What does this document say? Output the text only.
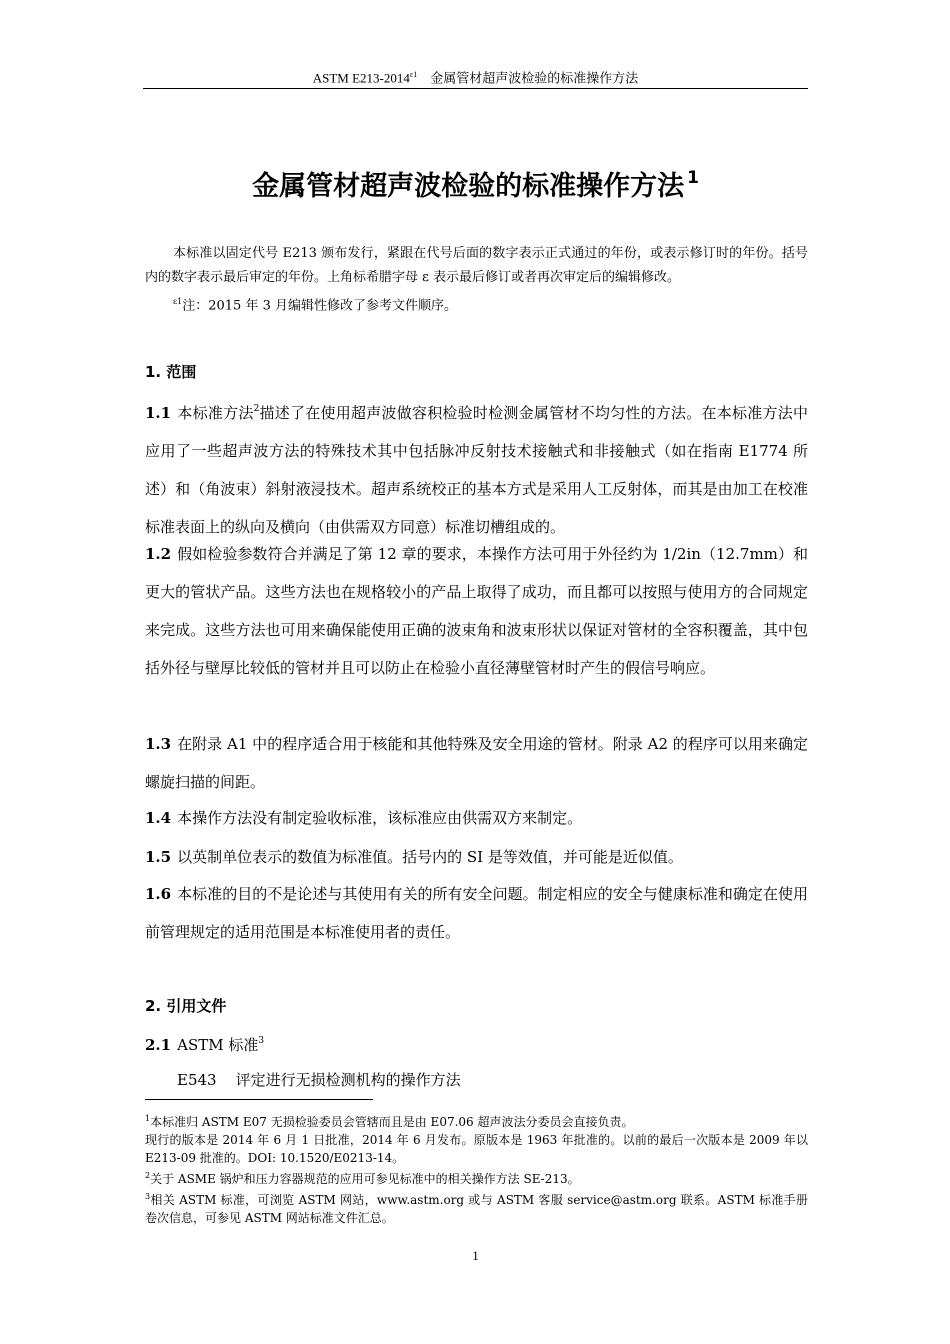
ASTM $E213-2014^{\varepsilon 1}$ 金属管材超声波检验的标准操作方法
金属管材超声波检验的标准操作方法 $^1$

本标准以固定代号 E213 颁布发行，紧跟在代号后面的数字表示正式通过的年份，或表示修订时的年份。括号内的数字表示最后审定的年份。上角标希腊字母 ε 表示最后修订或者再次审定后的编辑修改。

$^{\varepsilon 1}$注：2015 年 3 月编辑性修改了参考文件顺序。

1. 范围

1.1 本标准方法$^2$描述了在使用超声波做容积检验时检测金属管材不均匀性的方法。在本标准方法中应用了一些超声波方法的特殊技术其中包括脉冲反射技术接触式和非接触式（如在指南 E1774 所述）和（角波束）斜射液浸技术。超声系统校正的基本方式是采用人工反射体，而其是由加工在校准标准表面上的纵向及横向（由供需双方同意）标准切槽组成的。

1.2 假如检验参数符合并满足了第 12 章的要求，本操作方法可用于外径约为 1/2in（12.7mm）和更大的管状产品。这些方法也在规格较小的产品上取得了成功，而且都可以按照与使用方的合同规定来完成。这些方法也可用来确保能使用正确的波束角和波束形状以保证对管材的全容积覆盖，其中包括外径与壁厚比较低的管材并且可以防止在检验小直径薄壁管材时产生的假信号响应。

1.3 在附录 A1 中的程序适合用于核能和其他特殊及安全用途的管材。附录 A2 的程序可以用来确定螺旋扫描的间距。

1.4 本操作方法没有制定验收标准，该标准应由供需双方来制定。

1.5 以英制单位表示的数值为标准值。括号内的 SI 是等效值，并可能是近似值。

1.6 本标准的目的不是论述与其使用有关的所有安全问题。制定相应的安全与健康标准和确定在使用前管理规定的适用范围是本标准使用者的责任。

2. 引用文件

2.1 ASTM 标准$^3$

E543 评定进行无损检测机构的操作方法

$^1$本标准归 ASTM E07 无损检验委员会管辖而且是由 E07.06 超声波法分委员会直接负责。

现行的版本是 2014 年 6 月 1 日批准，2014 年 6 月发布。原版本是 1963 年批准的。以前的最后一次版本是 2009 年以 E213-09 批准的。DOI: 10.1520/E0213-14。

$^2$关于 ASME 锅炉和压力容器规范的应用可参见标准中的相关操作方法 SE-213。

$^3$相关 ASTM 标准，可浏览 ASTM 网站，www.astm.org 或与 ASTM 客服 service@astm.org 联系。ASTM 标准手册卷次信息，可参见 ASTM 网站标准文件汇总。

1
